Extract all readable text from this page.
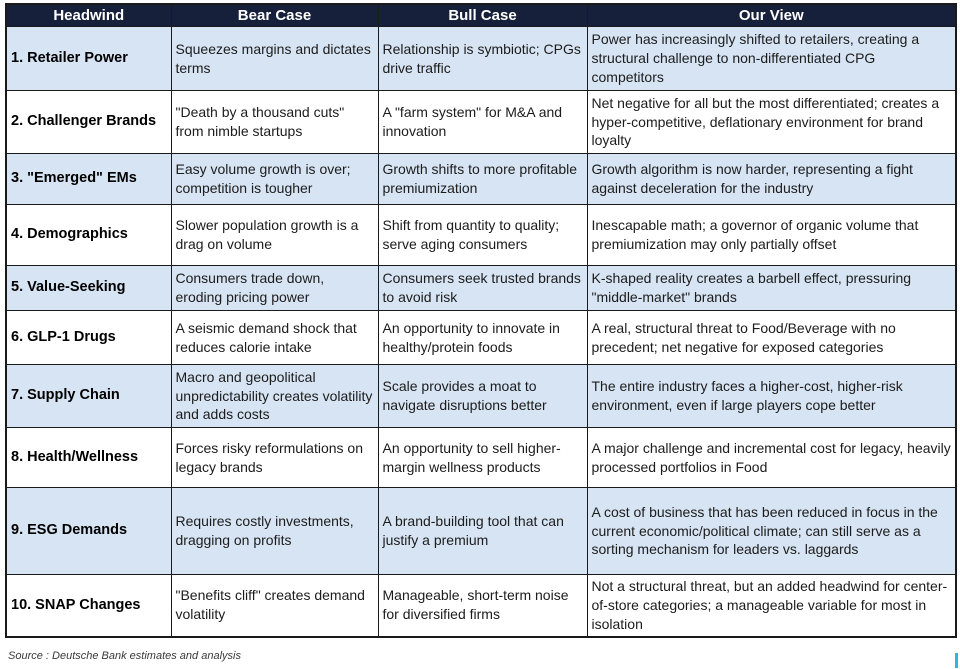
Headwind	Bear Case	Bull Case	Our View
1. Retailer Power	Squeezes margins and dictates terms	Relationship is symbiotic; CPGs drive traffic	Power has increasingly shifted to retailers, creating a structural challenge to non-differentiated CPG competitors
2. Challenger Brands	"Death by a thousand cuts" from nimble startups	A "farm system" for M&A and innovation	Net negative for all but the most differentiated; creates a hyper-competitive, deflationary environment for brand loyalty
3. "Emerged" EMs	Easy volume growth is over; competition is tougher	Growth shifts to more profitable premiumization	Growth algorithm is now harder, representing a fight against deceleration for the industry
4. Demographics	Slower population growth is a drag on volume	Shift from quantity to quality; serve aging consumers	Inescapable math; a governor of organic volume that premiumization may only partially offset
5. Value-Seeking	Consumers trade down, eroding pricing power	Consumers seek trusted brands to avoid risk	K-shaped reality creates a barbell effect, pressuring "middle-market" brands
6. GLP-1 Drugs	A seismic demand shock that reduces calorie intake	An opportunity to innovate in healthy/protein foods	A real, structural threat to Food/Beverage with no precedent; net negative for exposed categories
7. Supply Chain	Macro and geopolitical unpredictability creates volatility and adds costs	Scale provides a moat to navigate disruptions better	The entire industry faces a higher-cost, higher-risk environment, even if large players cope better
8. Health/Wellness	Forces risky reformulations on legacy brands	An opportunity to sell higher-margin wellness products	A major challenge and incremental cost for legacy, heavily processed portfolios in Food
9. ESG Demands	Requires costly investments, dragging on profits	A brand-building tool that can justify a premium	A cost of business that has been reduced in focus in the current economic/political climate; can still serve as a sorting mechanism for leaders vs. laggards
10. SNAP Changes	"Benefits cliff" creates demand volatility	Manageable, short-term noise for diversified firms	Not a structural threat, but an added headwind for center-of-store categories; a manageable variable for most in isolation
Source : Deutsche Bank estimates and analysis
